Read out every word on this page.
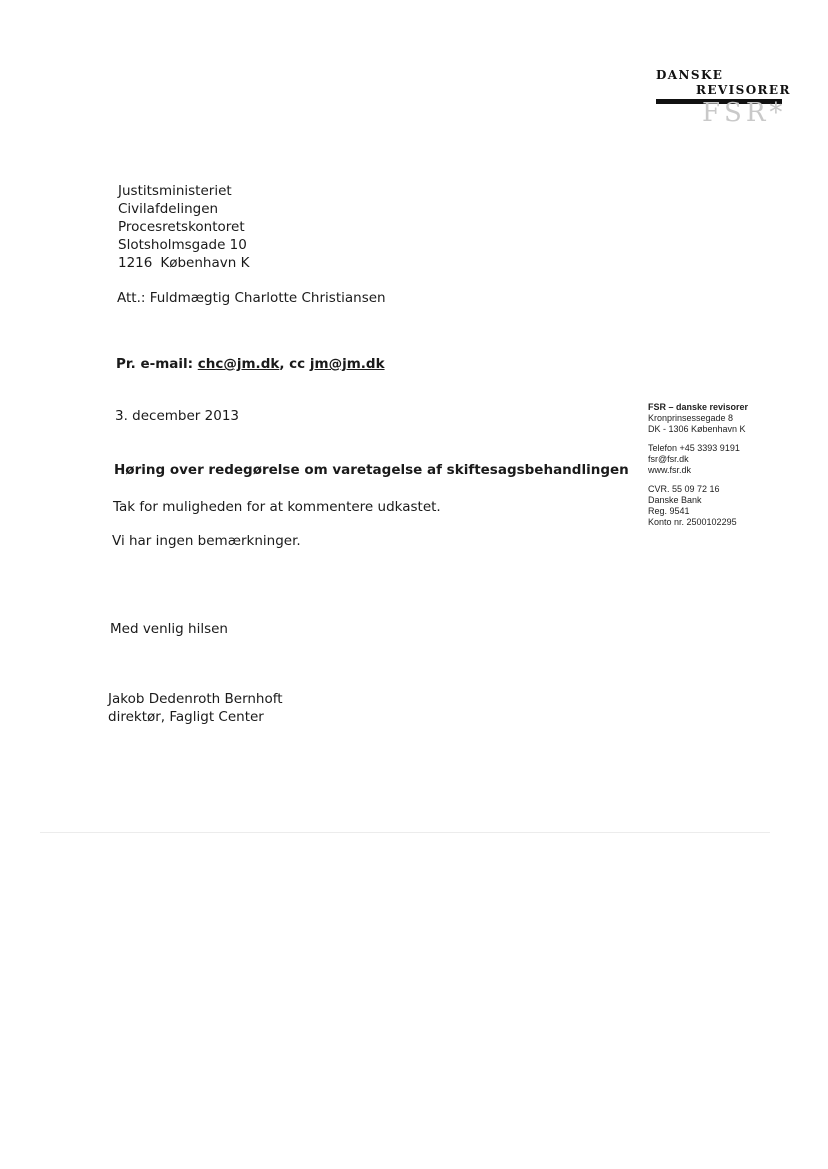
DANSKE
REVISORER
FSR*
Justitsministeriet
Civilafdelingen
Procesretskontoret
Slotsholmsgade 10
1216 København K
Att.: Fuldmægtig Charlotte Christiansen
Pr. e-mail: chc@jm.dk, cc jm@jm.dk
3. december 2013
Høring over redegørelse om varetagelse af skiftesagsbehandlingen
Tak for muligheden for at kommentere udkastet.
Vi har ingen bemærkninger.
Med venlig hilsen
Jakob Dedenroth Bernhoft
direktør, Fagligt Center
FSR – danske revisorer
Kronprinsessegade 8
DK - 1306 København K
Telefon +45 3393 9191
fsr@fsr.dk
www.fsr.dk
CVR. 55 09 72 16
Danske Bank
Reg. 9541
Konto nr. 2500102295
